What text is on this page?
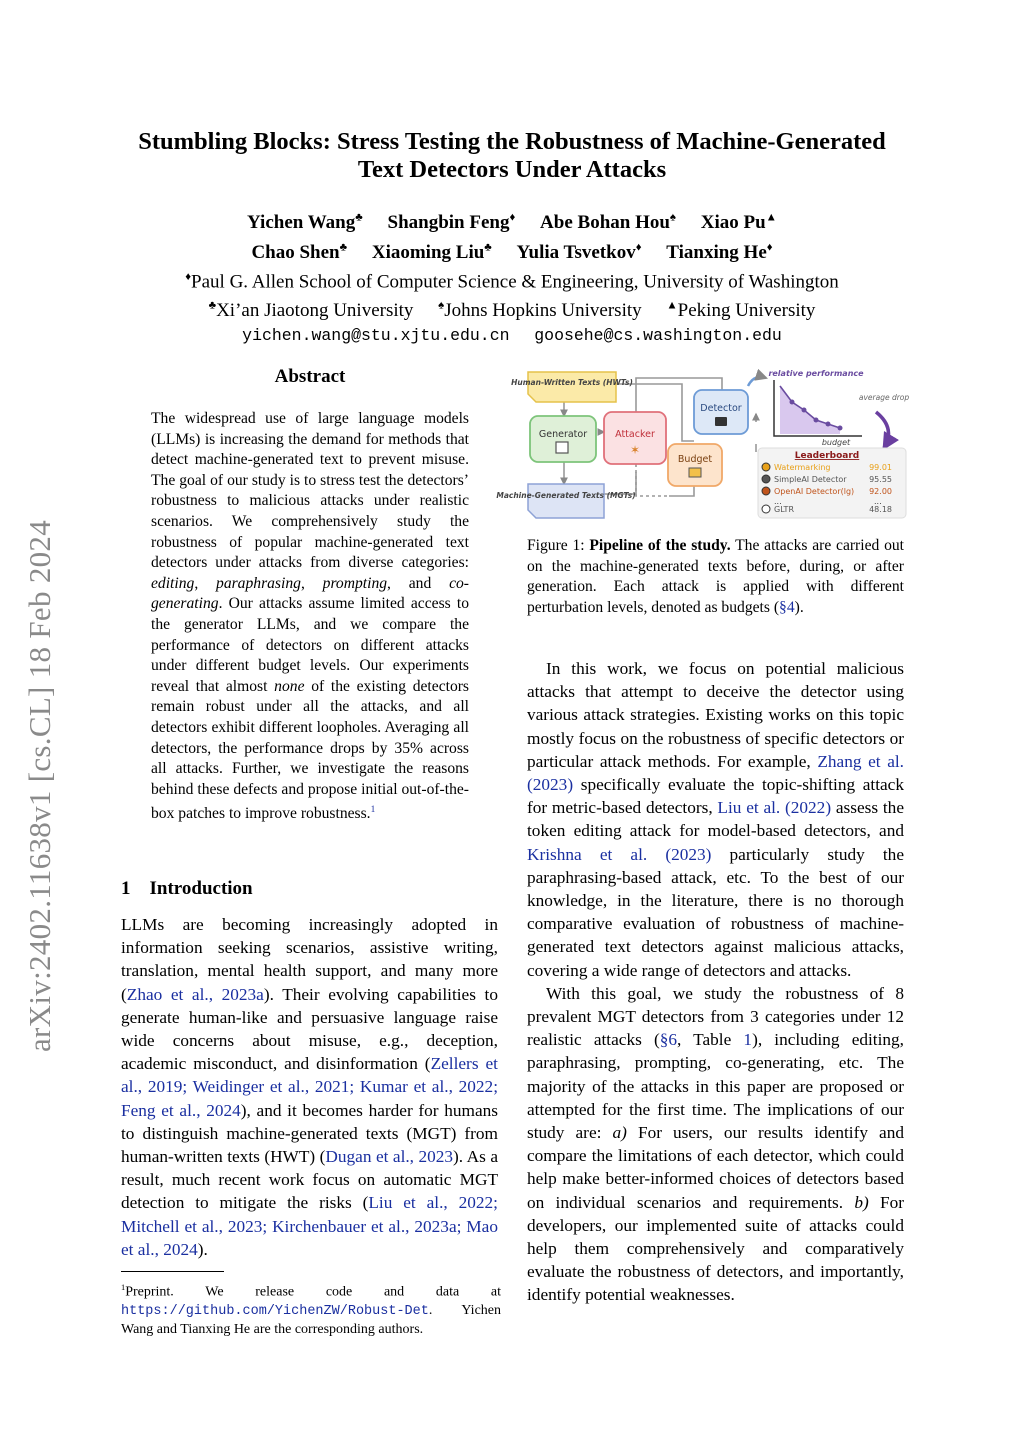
Stumbling Blocks: Stress Testing the Robustness of Machine-Generated
Text Detectors Under Attacks
Yichen Wang♣ Shangbin Feng♦ Abe Bohan Hou♠ Xiao Pu▲
Chao Shen♣ Xiaoming Liu♣ Yulia Tsvetkov♦ Tianxing He♦
♦Paul G. Allen School of Computer Science & Engineering, University of Washington
♣Xi’an Jiaotong University ♠Johns Hopkins University ▲Peking University
yichen.wang@stu.xjtu.edu.cn goosehe@cs.washington.edu
arXiv:2402.11638v1 [cs.CL] 18 Feb 2024
Abstract
The widespread use of large language models (LLMs) is increasing the demand for methods that detect machine-generated text to prevent misuse. The goal of our study is to stress test the detectors’ robustness to malicious attacks under realistic scenarios. We comprehensively study the robustness of popular machine-generated text detectors under attacks from diverse categories: editing, paraphrasing, prompting, and co-generating. Our attacks assume limited access to the generator LLMs, and we compare the performance of detectors on different attacks under different budget levels. Our experiments reveal that almost none of the existing detectors remain robust under all the attacks, and all detectors exhibit different loopholes. Averaging all detectors, the performance drops by 35% across all attacks. Further, we investigate the reasons behind these defects and propose initial out-of-the-box patches to improve robustness.$^1$
1 Introduction
LLMs are becoming increasingly adopted in information seeking scenarios, assistive writing, translation, mental health support, and many more (Zhao et al., 2023a). Their evolving capabilities to generate human-like and persuasive language raise wide concerns about misuse, e.g., deception, academic misconduct, and disinformation (Zellers et al., 2019; Weidinger et al., 2021; Kumar et al., 2022; Feng et al., 2024), and it becomes harder for humans to distinguish machine-generated texts (MGT) from human-written texts (HWT) (Dugan et al., 2023). As a result, much recent work focus on automatic MGT detection to mitigate the risks (Liu et al., 2022; Mitchell et al., 2023; Kirchenbauer et al., 2023a; Mao et al., 2024).
$^1$Preprint. We release code and data at https://github.com/YichenZW/Robust-Det. Yichen Wang and Tianxing He are the corresponding authors.
Human-Written Texts (HWTs)
Machine-Generated Texts (MGTs)
Generator	Attacker
✶
Detector
Budget
relative performance
budget
average drop
Leaderboard
Watermarking	99.01
SimpleAI Detector	95.55
OpenAI Detector(lg) 92.00
GLTR	48.18
...	...
Figure 1: Pipeline of the study. The attacks are carried out on the machine-generated texts before, during, or after generation. Each attack is applied with different perturbation levels, denoted as budgets (§4).

In this work, we focus on potential malicious attacks that attempt to deceive the detector using various attack strategies. Existing works on this topic mostly focus on the robustness of specific detectors or particular attack methods. For example, Zhang et al. (2023) specifically evaluate the topic-shifting attack for metric-based detectors, Liu et al. (2022) assess the token editing attack for model-based detectors, and Krishna et al. (2023) particularly study the paraphrasing-based attack, etc. To the best of our knowledge, in the literature, there is no thorough comparative evaluation of robustness of machine-generated text detectors against malicious attacks, covering a wide range of detectors and attacks.

With this goal, we study the robustness of 8 prevalent MGT detectors from 3 categories under 12 realistic attacks (§6, Table 1), including editing, paraphrasing, prompting, co-generating, etc. The majority of the attacks in this paper are proposed or attempted for the first time. The implications of our study are: a) For users, our results identify and compare the limitations of each detector, which could help make better-informed choices of detectors based on individual scenarios and requirements. b) For developers, our implemented suite of attacks could help them comprehensively and comparatively evaluate the robustness of detectors, and importantly, identify potential weaknesses.
